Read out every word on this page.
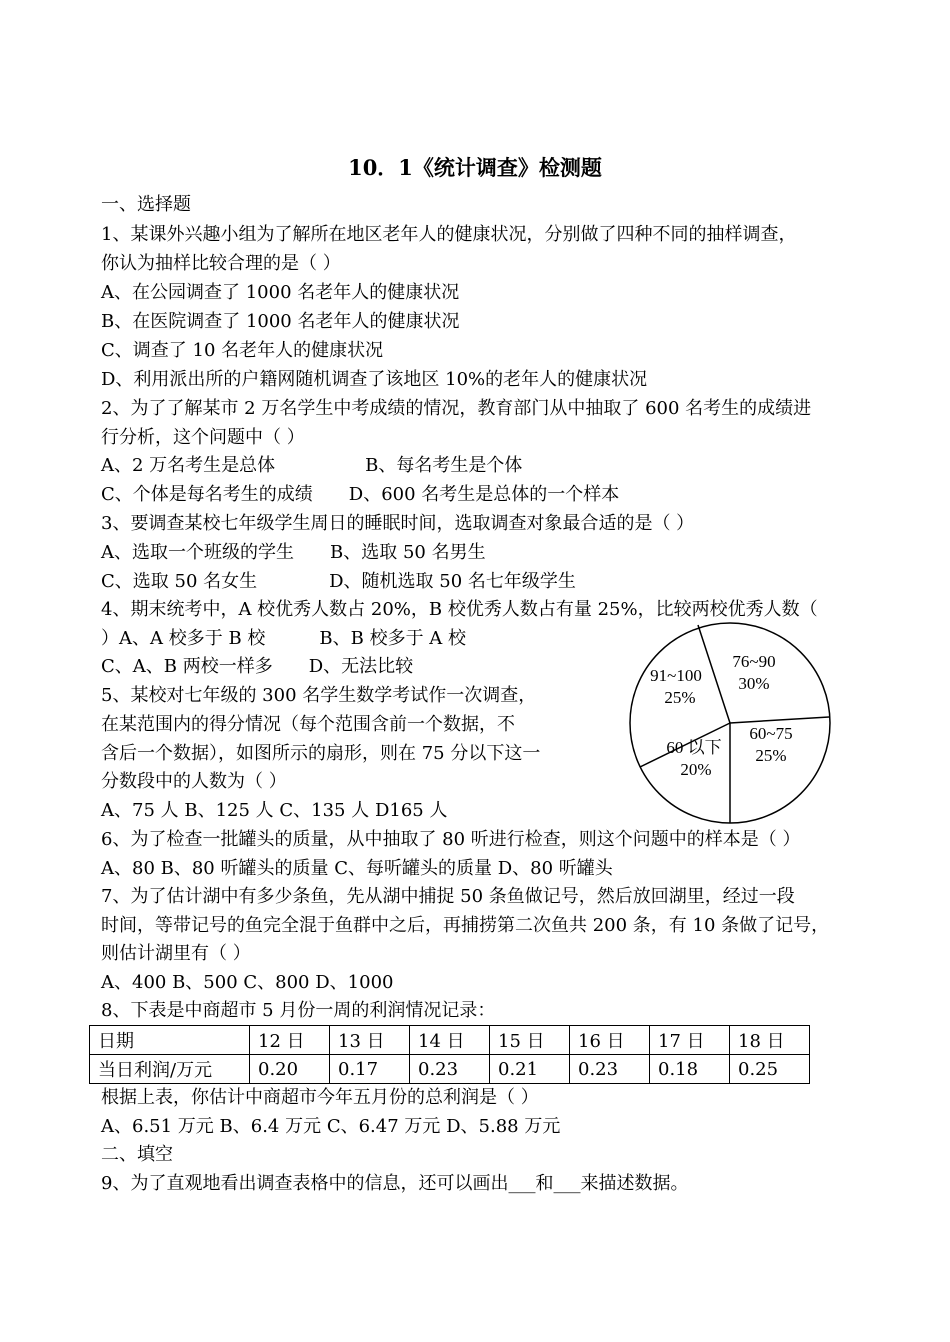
10．1《统计调查》检测题
一、选择题
1、某课外兴趣小组为了解所在地区老年人的健康状况，分别做了四种不同的抽样调查，
你认为抽样比较合理的是（ ）
A、在公园调查了 1000 名老年人的健康状况
B、在医院调查了 1000 名老年人的健康状况
C、调查了 10 名老年人的健康状况
D、利用派出所的户籍网随机调查了该地区 10%的老年人的健康状况
2、为了了解某市 2 万名学生中考成绩的情况，教育部门从中抽取了 600 名考生的成绩进
行分析，这个问题中（ ）
A、2 万名考生是总体　　　　　B、每名考生是个体
C、个体是每名考生的成绩　　D、600 名考生是总体的一个样本
3、要调查某校七年级学生周日的睡眠时间，选取调查对象最合适的是（ ）
A、选取一个班级的学生　　B、选取 50 名男生
C、选取 50 名女生　　　　D、随机选取 50 名七年级学生
4、期末统考中，A 校优秀人数占 20%，B 校优秀人数占有量 25%，比较两校优秀人数（
）A、A 校多于 B 校　　　B、B 校多于 A 校
C、A、B 两校一样多　　D、无法比较
5、某校对七年级的 300 名学生数学考试作一次调查，
在某范围内的得分情况（每个范围含前一个数据，不
含后一个数据），如图所示的扇形，则在 75 分以下这一
分数段中的人数为（ ）
A、75 人 B、125 人 C、135 人 D165 人
6、为了检查一批罐头的质量，从中抽取了 80 听进行检查，则这个问题中的样本是（ ）
A、80 B、80 听罐头的质量 C、每听罐头的质量 D、80 听罐头
7、为了估计湖中有多少条鱼，先从湖中捕捉 50 条鱼做记号，然后放回湖里，经过一段
时间，等带记号的鱼完全混于鱼群中之后，再捕捞第二次鱼共 200 条，有 10 条做了记号，
则估计湖里有（ ）
A、400 B、500 C、800 D、1000
8、下表是中商超市 5 月份一周的利润情况记录：
日期	12 日	13 日	14 日	15 日	16 日	17 日	18 日
当日利润/万元	0.20	0.17	0.23	0.21	0.23	0.18	0.25
根据上表，你估计中商超市今年五月份的总利润是（ ）
A、6.51 万元 B、6.4 万元 C、6.47 万元 D、5.88 万元
二、填空
9、为了直观地看出调查表格中的信息，还可以画出___和___来描述数据。
76~90
30%
60~75
25%
60 以下
20%
91~100
25%
